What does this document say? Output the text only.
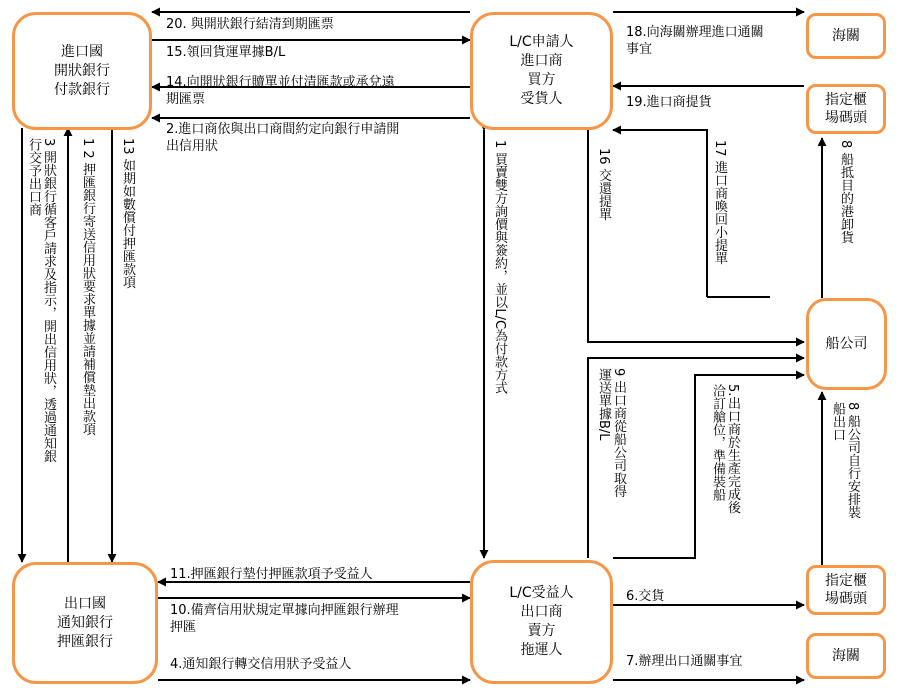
進口國
開狀銀行
付款銀行
L/C申請人
進口商
買方
受貨人
海關
指定櫃
場碼頭
船公司
出口國
通知銀行
押匯銀行
L/C受益人
出口商
賣方
拖運人
指定櫃
場碼頭
海關
20. 與開狀銀行結清到期匯票
15.領回貨運單據B/L
14.向開狀銀行贖單並付清匯款或承兌遠
期匯票
2.進口商依與出口商間約定向銀行申請開
出信用狀
18.向海關辦理進口通關
事宜
19.進口商提貨
11.押匯銀行墊付押匯款項予受益人
10.備齊信用狀規定單據向押匯銀行辦理
押匯
4.通知銀行轉交信用狀予受益人
6.交貨
7.辦理出口通關事宜
3 開狀銀行循客戶請求及指示，開出信用狀，透過通知銀
行交予出口商	1 2 押匯銀行寄送信用狀要求單據並請補償墊出款項 13 如期如數償付押匯款項	1 買賣雙方詢價與簽約，並以L/C為付款方式	16 交還提單	17 進口商喚回小提單	8 船抵目的港卸貨
9 出口商從船公司取得
運送單據B/L	5.出口商於生產完成後
洽訂艙位，準備裝船	8 船公司自行安排裝
船出口
